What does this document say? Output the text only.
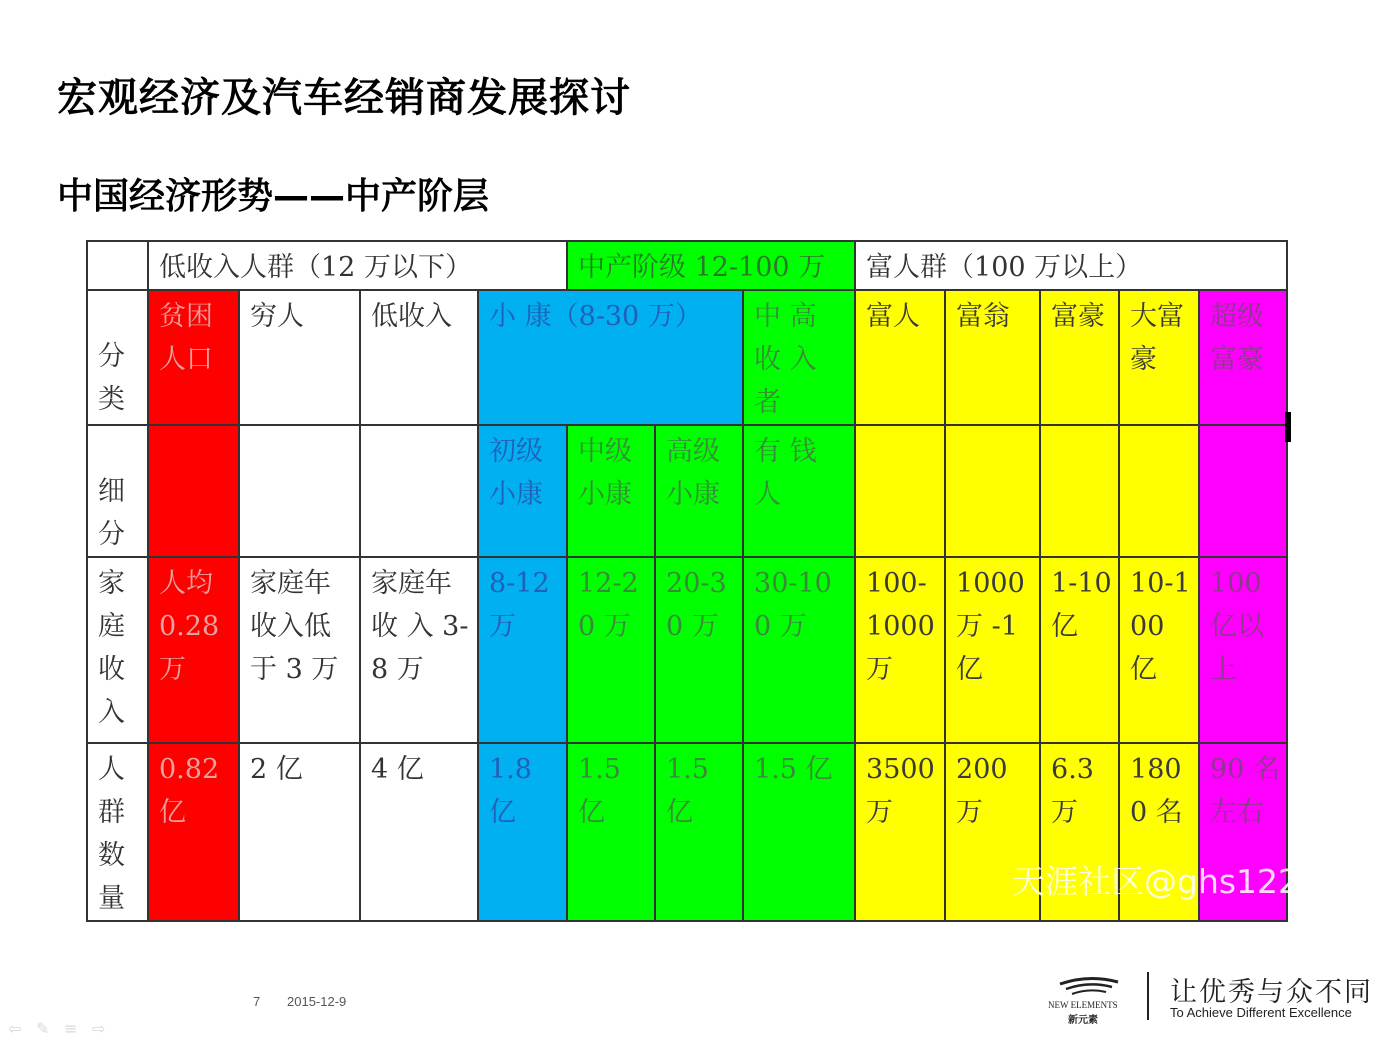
宏观经济及汽车经销商发展探讨
中国经济形势——中产阶层
	低收入人群（12 万以下）				中产阶级 12-100 万			富人群（100 万以上）				

分类	贫困人口	穷人	低收入	小 康（8-30 万）			中 高 收 入 者	富人	富翁	富豪	大富豪	超级富豪

细分				初级小康	中级小康	高级小康	有 钱 人					

家庭收入	人均 0.28 万	家庭年收入低于 3 万	家庭年收 入 3-8 万	8-12 万	12-20 万	20-30 万	30-100 万	100-1000 万	1000 万 -1 亿	1-10 亿	10-100 亿	100 亿以上

人群数量	0.82 亿	2 亿	4 亿	1.8 亿	1.5 亿	1.5 亿	1.5 亿	3500 万	200 万	6.3 万	1800 名	90 名左右
天涯社区@ghs122
7 2015-12-9	NEW ELEMENTS
新元素
让优秀与众不同
To Achieve Different Excellence
⇦ ✎ ≡ ⇨
